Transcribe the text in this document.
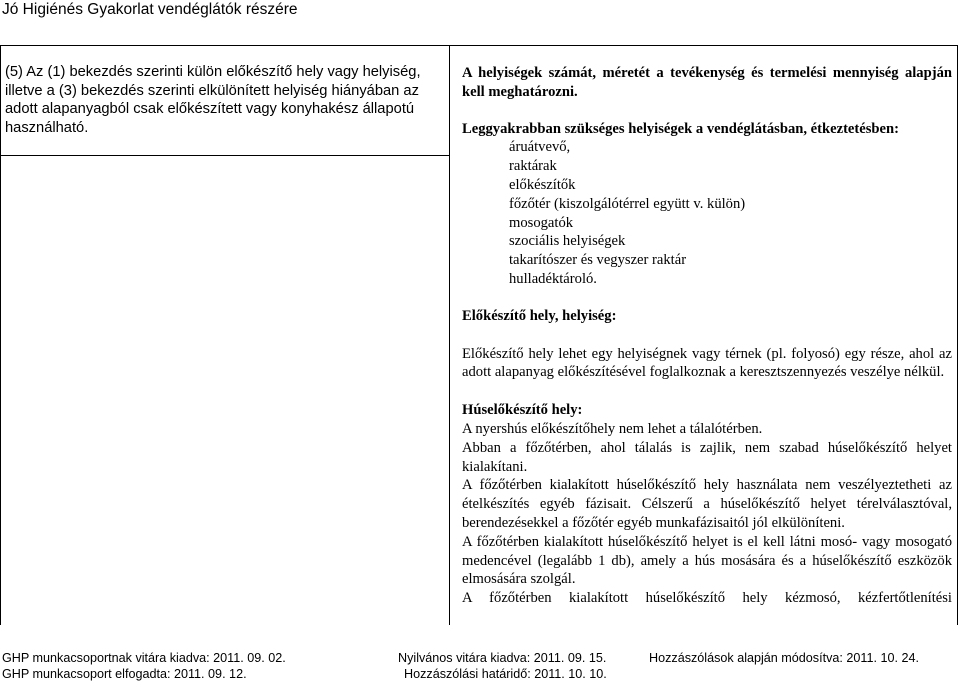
Jó Higiénés Gyakorlat vendéglátók részére
(5) Az (1) bekezdés szerinti külön előkészítő hely vagy helyiség, illetve a (3) bekezdés szerinti elkülönített helyiség hiányában az adott alapanyagból csak előkészített vagy konyhakész állapotú használható.

A helyiségek számát, méretét a tevékenység és termelési mennyiség alapján kell meghatározni.

Leggyakrabban szükséges helyiségek a vendéglátásban, étkeztetésben:

áruátvevő,

raktárak

előkészítők

főzőtér (kiszolgálótérrel együtt v. külön)

mosogatók

szociális helyiségek

takarítószer és vegyszer raktár

hulladéktároló.

Előkészítő hely, helyiség:

Előkészítő hely lehet egy helyiségnek vagy térnek (pl. folyosó) egy része, ahol az adott alapanyag előkészítésével foglalkoznak a keresztszennyezés veszélye nélkül.

Húselőkészítő hely:

A nyershús előkészítőhely nem lehet a tálalótérben.

Abban a főzőtérben, ahol tálalás is zajlik, nem szabad húselőkészítő helyet kialakítani.

A főzőtérben kialakított húselőkészítő hely használata nem veszélyeztetheti az ételkészítés egyéb fázisait. Célszerű a húselőkészítő helyet térelválasztóval, berendezésekkel a főzőtér egyéb munkafázisaitól jól elkülöníteni.

A főzőtérben kialakított húselőkészítő helyet is el kell látni mosó- vagy mosogató medencével (legalább 1 db), amely a hús mosására és a húselőkészítő eszközök elmosására szolgál.

A főzőtérben kialakított húselőkészítő hely kézmosó, kézfertőtlenítési

GHP munkacsoportnak vitára kiadva: 2011. 09. 02.	Nyilvános vitára kiadva: 2011. 09. 15.	Hozzászólások alapján módosítva: 2011. 10. 24.
GHP munkacsoport elfogadta: 2011. 09. 12.	Hozzászólási határidő: 2011. 10. 10.
